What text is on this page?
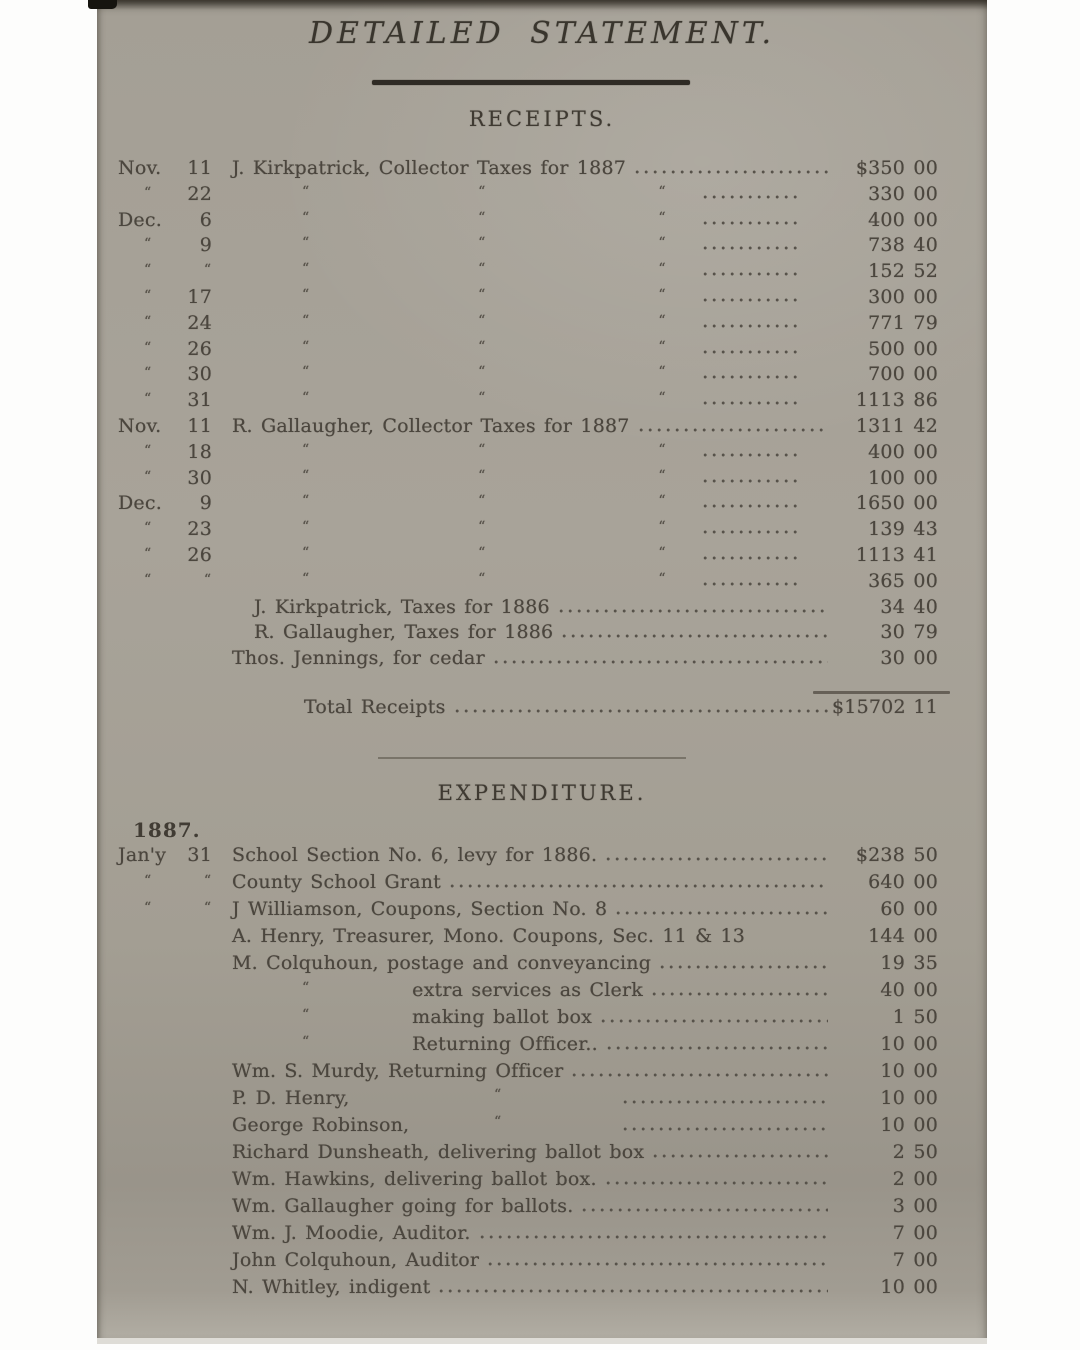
DETAILED STATEMENT.
RECEIPTS.
Nov.	11 J. Kirkpatrick, Collector Taxes for 1887	$350 00
“	22	“	“	“	330 00
Dec.	6	“	“	“	400 00
“	9	“	“	“	738 40
“	“	“	“	“	152 52
“	17	“	“	“	300 00
“	24	“	“	“	771 79
“	26	“	“	“	500 00
“	30	“	“	“	700 00
“	31	“	“	“	1113 86
Nov.	11 R. Gallaugher, Collector Taxes for 1887	1311 42
“	18	“	“	“	400 00
“	30	“	“	“	100 00
Dec.	9	“	“	“	1650 00
“	23	“	“	“	139 43
“	26	“	“	“	1113 41
“	“	“	“	“	365 00
J. Kirkpatrick, Taxes for 1886	34 40
R. Gallaugher, Taxes for 1886	30 79
Thos. Jennings, for cedar	30 00
Total Receipts	$15702 11
EXPENDITURE.
1887.
Jan'y	31 School Section No. 6, levy for 1886.	$238 50
“	“ County School Grant	640 00
“	“ J Williamson, Coupons, Section No. 8	60 00
A. Henry, Treasurer, Mono. Coupons, Sec. 11 & 13	144 00
M. Colquhoun, postage and conveyancing	19 35
“	extra services as Clerk	40 00
“	making ballot box	1 50
“	Returning Officer..	10 00
Wm. S. Murdy, Returning Officer	10 00
P. D. Henry,	“	10 00
George Robinson,	“	10 00
Richard Dunsheath, delivering ballot box	2 50
Wm. Hawkins, delivering ballot box.	2 00
Wm. Gallaugher going for ballots.	3 00
Wm. J. Moodie, Auditor.	7 00
John Colquhoun, Auditor	7 00
N. Whitley, indigent	10 00
